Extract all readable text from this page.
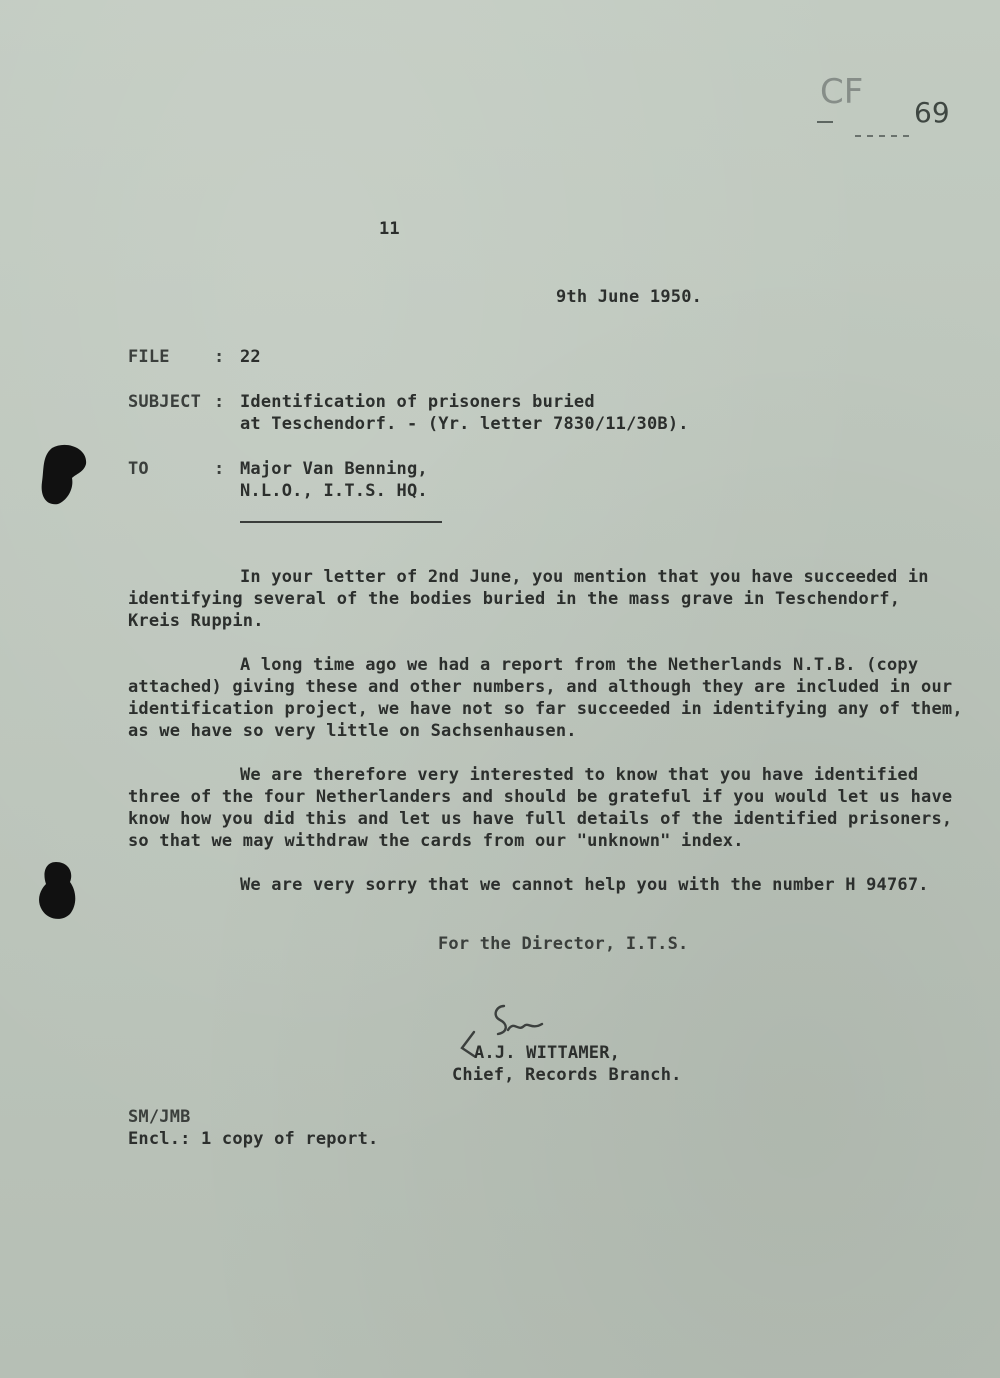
CF
69
11
9th June 1950.
FILE	: 22
SUBJECT : Identification of prisoners buried
at Teschendorf. - (Yr. letter 7830/11/30B).
TO	: Major Van Benning,
N.L.O., I.T.S. HQ.
In your letter of 2nd June, you mention that you have succeeded in
identifying several of the bodies buried in the mass grave in Teschendorf,
Kreis Ruppin.
A long time ago we had a report from the Netherlands N.T.B. (copy
attached) giving these and other numbers, and although they are included in our
identification project, we have not so far succeeded in identifying any of them,
as we have so very little on Sachsenhausen.
We are therefore very interested to know that you have identified
three of the four Netherlanders and should be grateful if you would let us have
know how you did this and let us have full details of the identified prisoners,
so that we may withdraw the cards from our "unknown" index.
We are very sorry that we cannot help you with the number H 94767.
For the Director, I.T.S.
A.J. WITTAMER,
Chief, Records Branch.
SM/JMB
Encl.: 1 copy of report.
